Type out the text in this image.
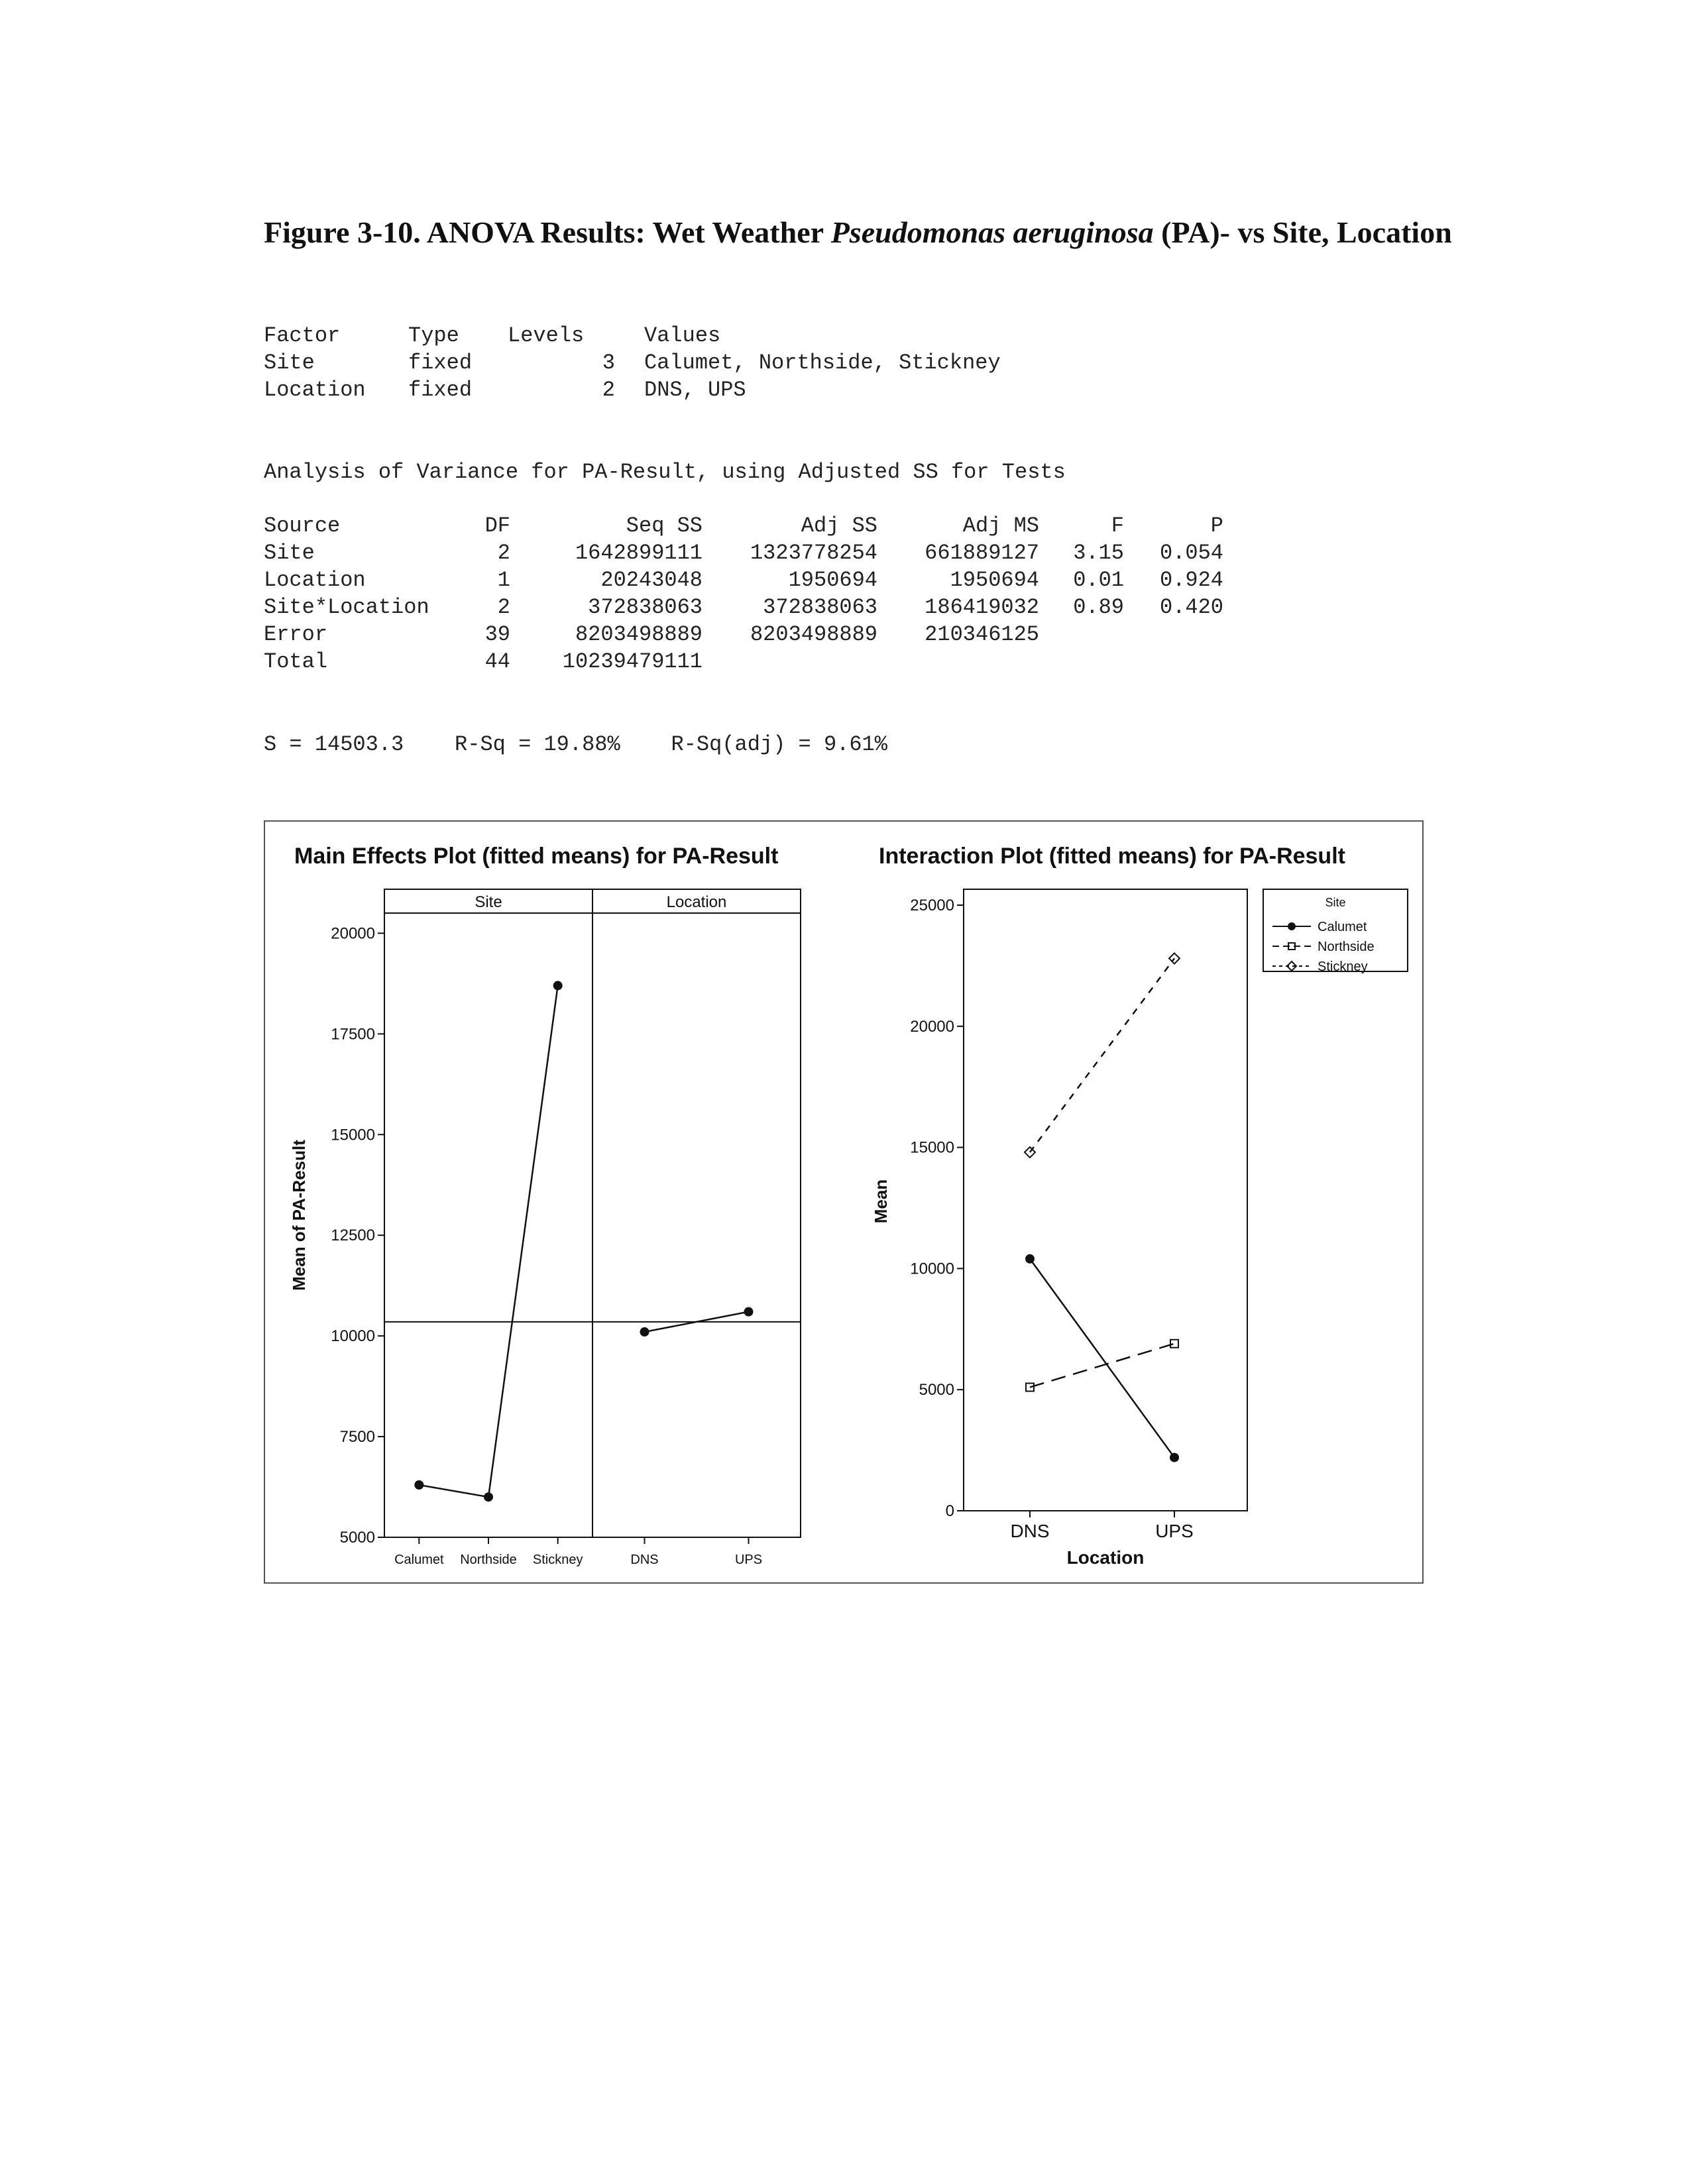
Figure 3-10. ANOVA Results: Wet Weather Pseudomonas aeruginosa (PA)- vs Site, Location
Factor	Type	Levels	Values
Site	fixed	3	Calumet, Northside, Stickney
Location	fixed	2	DNS, UPS
Analysis of Variance for PA-Result, using Adjusted SS for Tests
Source	DF	Seq SS	Adj SS	Adj MS	F	P
Site	2	1642899111	1323778254	661889127	3.15	0.054
Location	1	20243048	1950694	1950694	0.01	0.924
Site*Location	2	372838063	372838063	186419032	0.89	0.420
Error	39	8203498889	8203498889	210346125		
Total	44	10239479111				
S = 14503.3    R-Sq = 19.88%    R-Sq(adj) = 9.61%
Main Effects Plot (fitted means) for PA-Result
Mean of PA-Result
5000
7500
10000
12500
15000
17500
20000
Site
Calumet Northside Stickney
Location
DNS	UPS
Interaction Plot (fitted means) for PA-Result
Mean
0
5000
10000
15000
20000
25000
DNS	UPS
Location
Site
Calumet
Northside
Stickney
